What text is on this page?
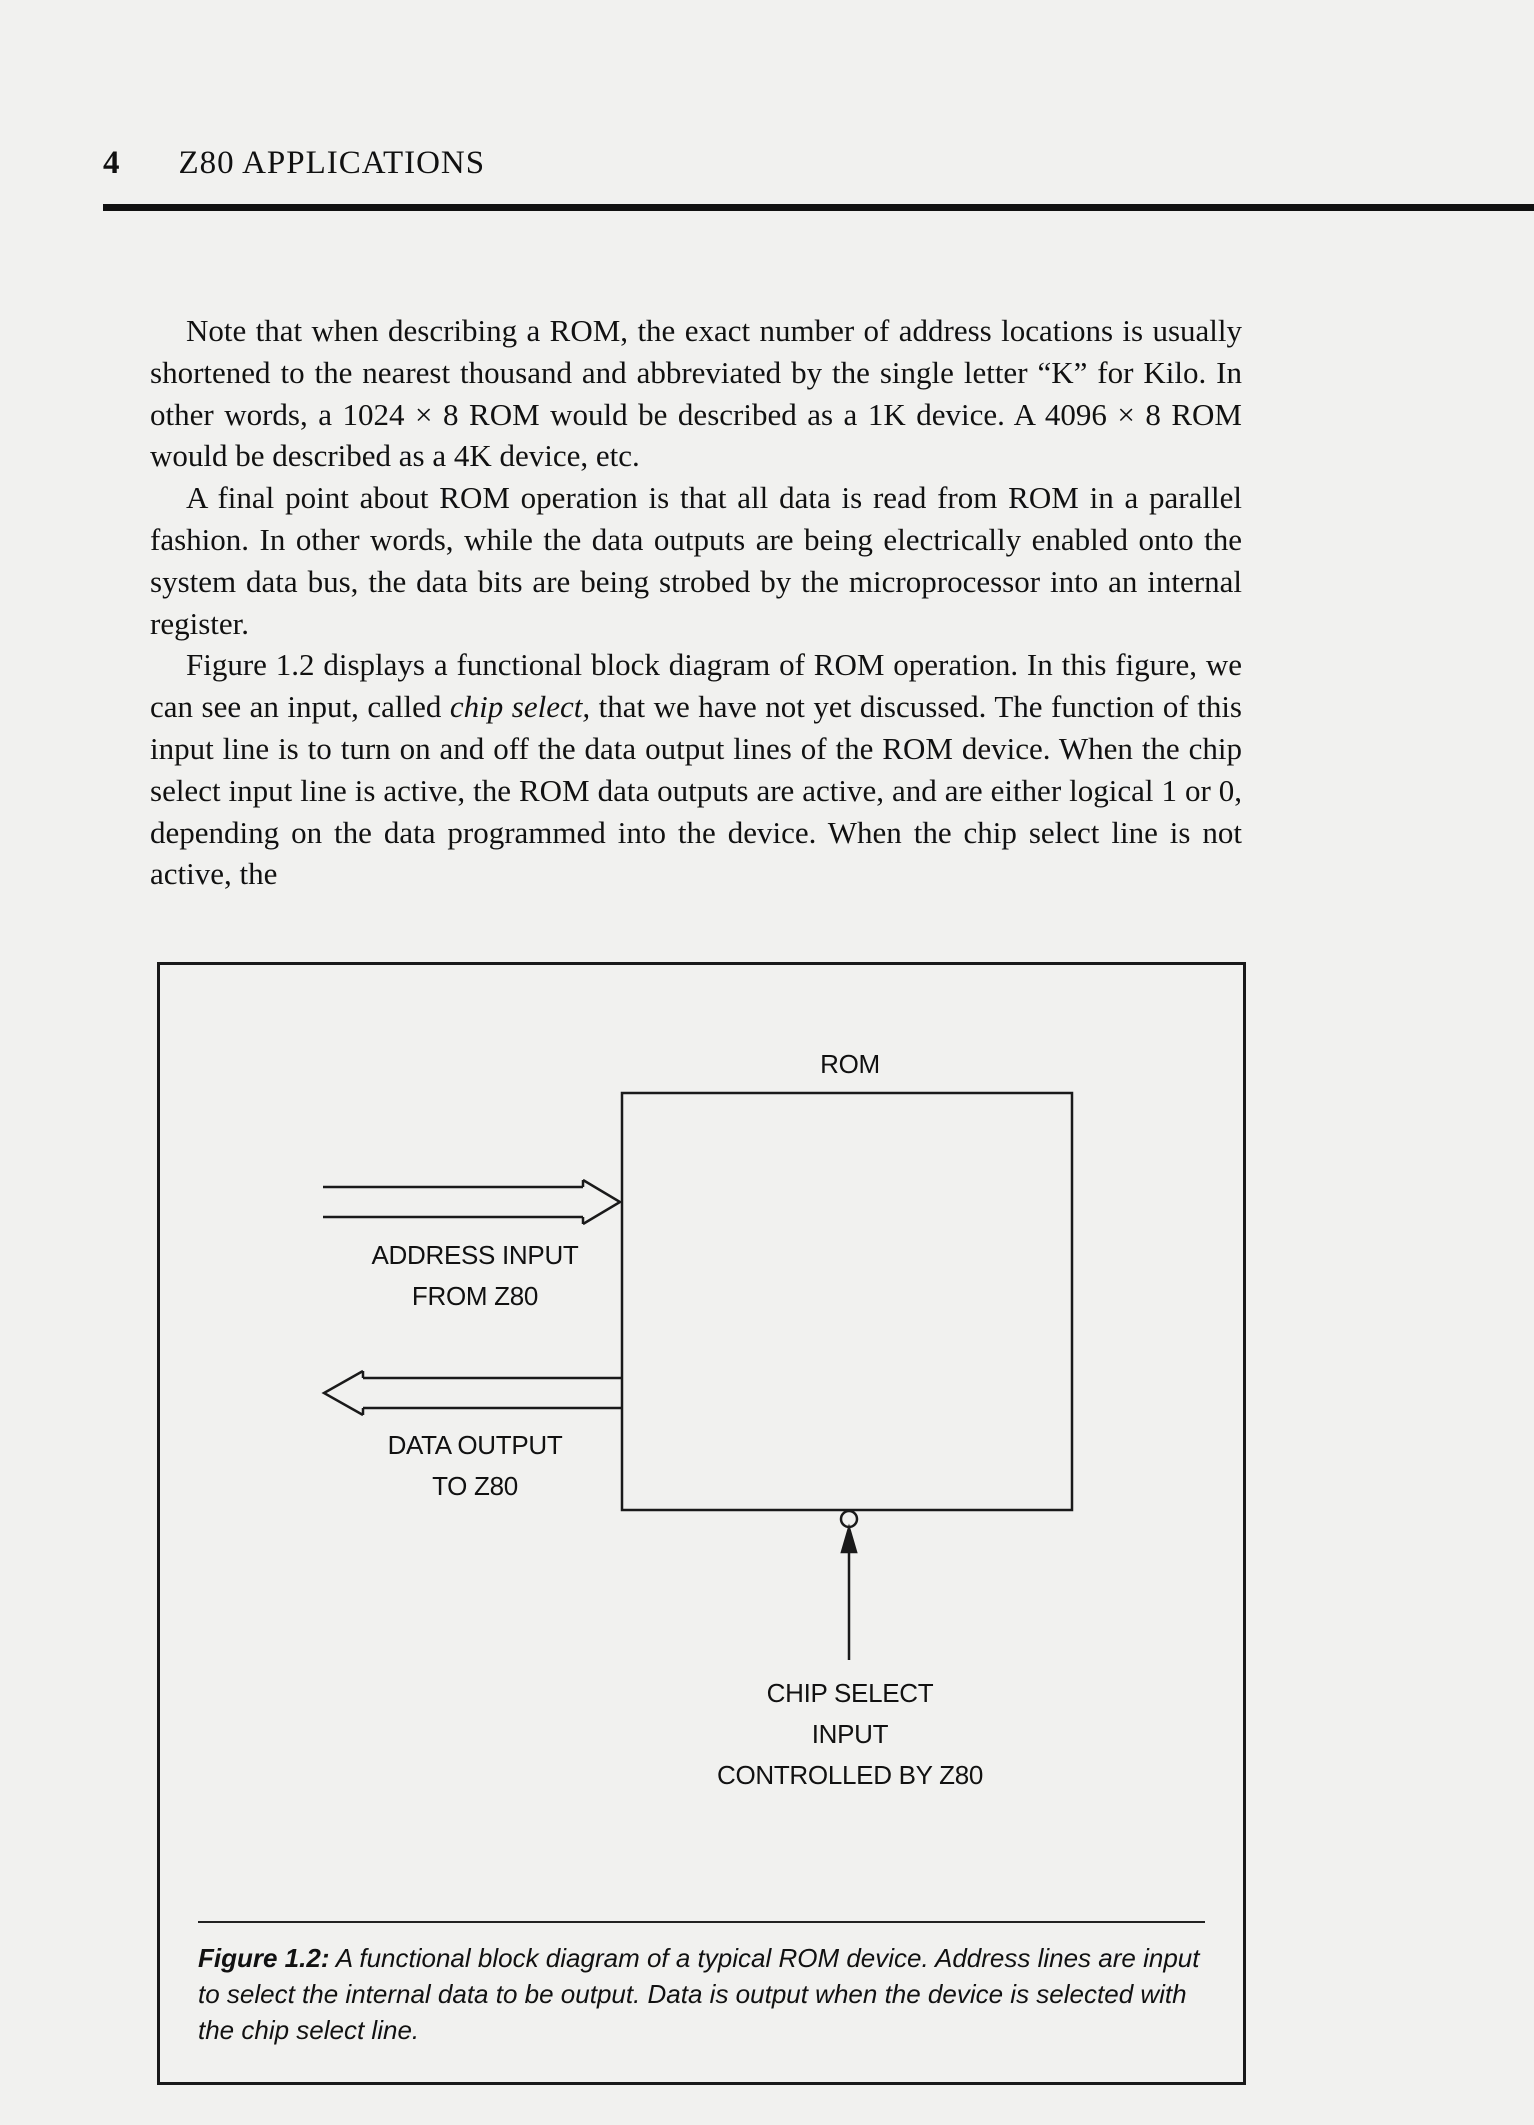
4 Z80 APPLICATIONS

Note that when describing a ROM, the exact number of address locations is usually shortened to the nearest thousand and abbreviated by the single letter “K” for Kilo. In other words, a 1024 × 8 ROM would be described as a 1K device. A 4096 × 8 ROM would be described as a 4K device, etc.

A final point about ROM operation is that all data is read from ROM in a parallel fashion. In other words, while the data outputs are being electrically enabled onto the system data bus, the data bits are being strobed by the microprocessor into an internal register.

Figure 1.2 displays a functional block diagram of ROM operation. In this figure, we can see an input, called chip select, that we have not yet discussed. The function of this input line is to turn on and off the data output lines of the ROM device. When the chip select input line is active, the ROM data outputs are active, and are either logical 1 or 0, depending on the data programmed into the device. When the chip select line is not active, the

ROM
ADDRESS INPUT
FROM Z80
DATA OUTPUT
TO Z80
CHIP SELECT
INPUT
CONTROLLED BY Z80
Figure 1.2: A functional block diagram of a typical ROM device. Address lines are input to select the internal data to be output. Data is output when the device is selected with the chip select line.
